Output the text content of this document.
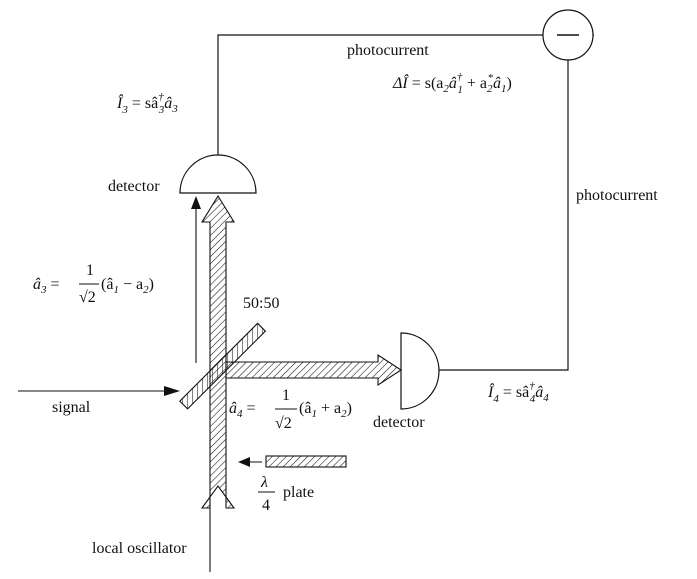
photocurrent
photocurrent
detector
detector
50:50
signal
local oscillator
plate
ΔÎ = $s(a_2â^\dagger$ $1 + a_2*â_1$)
$Î_3$ = sâ† $3â_3$
$Î_4$ = sâ† $4â_4$
$â_3$ =
1
√2
$(â_1 - a_2)$
$â_4$ =
1
√2
$(â_1 + a_2)$
λ
4
